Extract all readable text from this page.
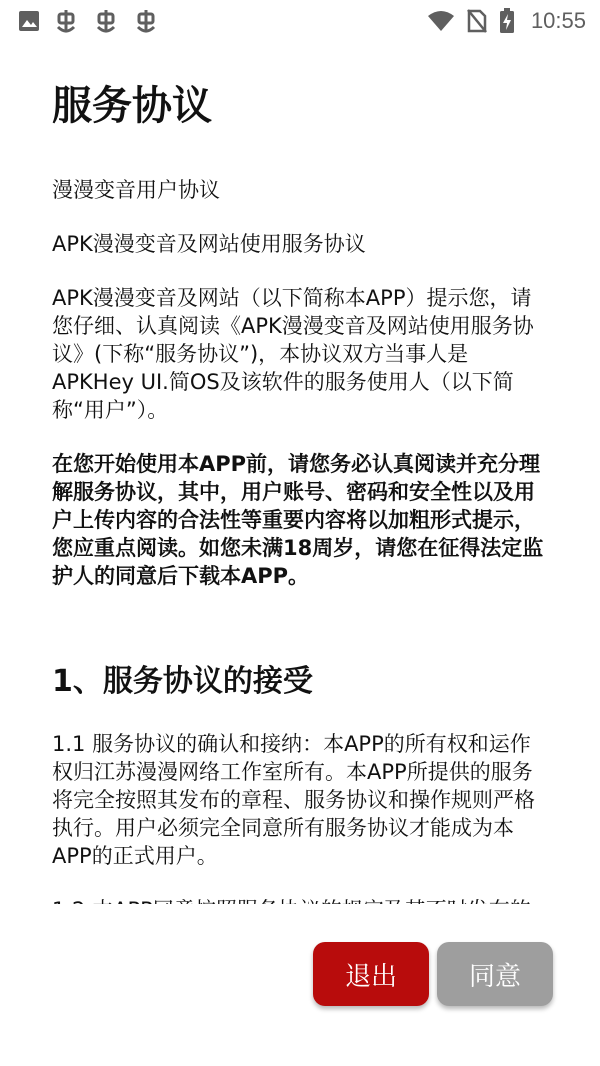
10:55
服务协议

漫漫变音用户协议

APK漫漫变音及网站使用服务协议

APK漫漫变音及网站（以下简称本APP）提示您，请您仔细、认真阅读《APK漫漫变音及网站使用服务协议》(下称“服务协议”)，本协议双方当事人是APKHey UI.简OS及该软件的服务使用人（以下简称“用户”）。

在您开始使用本APP前，请您务必认真阅读并充分理解服务协议，其中，用户账号、密码和安全性以及用户上传内容的合法性等重要内容将以加粗形式提示，您应重点阅读。如您未满18周岁，请您在征得法定监护人的同意后下载本APP。

1、服务协议的接受

1.1 服务协议的确认和接纳：本APP的所有权和运作权归江苏漫漫网络工作室所有。本APP所提供的服务将完全按照其发布的章程、服务协议和操作规则严格执行。用户必须完全同意所有服务协议才能成为本APP的正式用户。

退出	同意
